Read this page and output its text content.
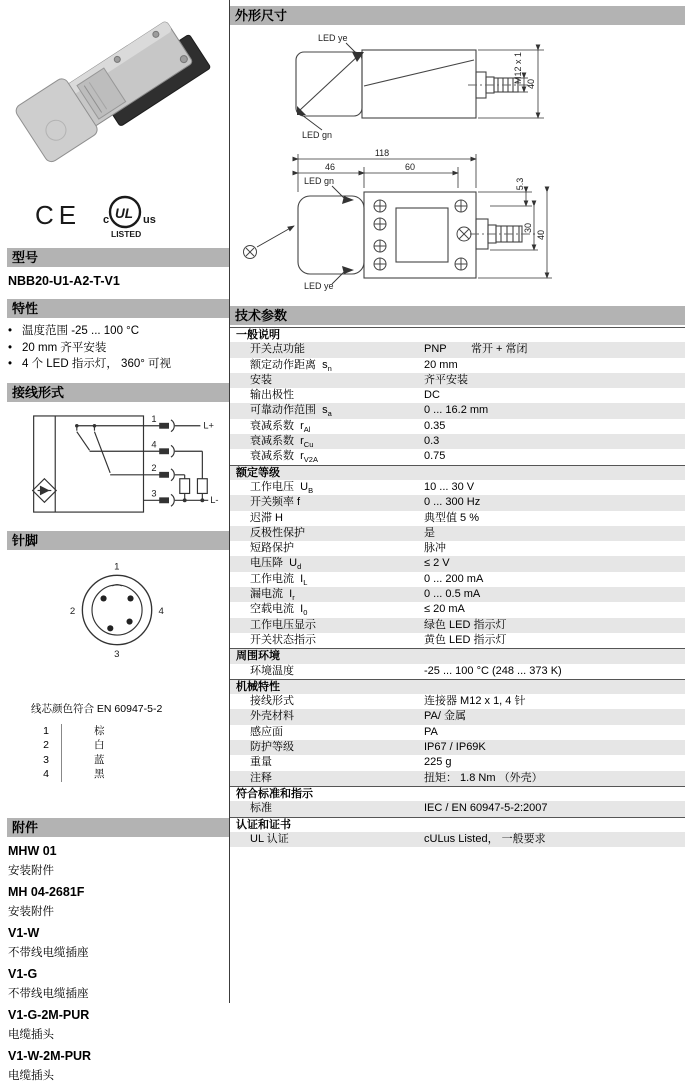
CE c UL us
LISTED
型号
NBB20-U1-A2-T-V1
特性
• 温度范围 -25 ... 100 °C
• 20 mm 齐平安装
• 4 个 LED 指示灯， 360° 可视
接线形式
1
4
2
3
L+
L-
针脚
1
2	4
3
线芯颜色符合 EN 60947-5-2
1	棕
2	白
3	蓝
4	黑
附件
MHW 01
安装附件
MH 04-2681F
安装附件
V1-W
不带线电缆插座
V1-G
不带线电缆插座
V1-G-2M-PUR
电缆插头
V1-W-2M-PUR
电缆插头
外形尺寸
LED ye
LED gn
M12 x 1 40
118
46	60
5.3
30
40
LED gn
LED ye
技术参数
一般说明
开关点功能	PNP 常开 + 常闭
额定动作距离  $s_n$	20 mm
安装	齐平安装
输出极性	DC
可靠动作范围  $s_a$	0 ... 16.2 mm
衰减系数  $r_{Al}$	0.35
衰减系数  $r_{Cu}$	0.3
衰减系数  $r_{V2A}$	0.75
额定等级
工作电压  $U_B$	10 ... 30 V
开关频率 f	0 ... 300 Hz
迟滞 H	典型值 5 %
反极性保护	是
短路保护	脉冲
电压降  $U_d$	≤ 2 V
工作电流  $I_L$	0 ... 200 mA
漏电流  $I_r$	0 ... 0.5 mA
空载电流  $I_0$	≤ 20 mA
工作电压显示	绿色 LED 指示灯
开关状态指示	黄色 LED 指示灯
周围环境
环境温度	-25 ... 100 °C (248 ... 373 K)
机械特性
接线形式	连接器 M12 x 1, 4 针
外壳材料	PA/ 金属
感应面	PA
防护等级	IP67 / IP69K
重量	225 g
注释	扭矩： 1.8 Nm （外壳）
符合标准和指示
标准	IEC / EN 60947-5-2:2007
认证和证书
UL 认证	cULus Listed， 一般要求
